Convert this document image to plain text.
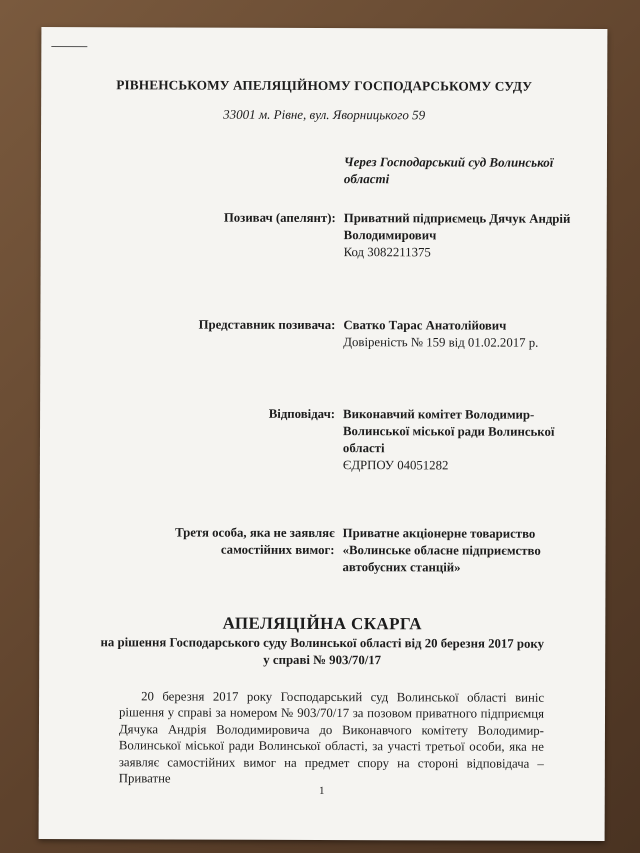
РІВНЕНСЬКОМУ АПЕЛЯЦІЙНОМУ ГОСПОДАРСЬКОМУ СУДУ
33001 м. Рівне, вул. Яворницького 59
Через Господарський суд Волинської області
Позивач (апелянт): Приватний підприємець Дячук Андрій Володимирович
Код 3082211375
Представник позивача: Сватко Тарас Анатолійович
Довіреність № 159 від 01.02.2017 р.
Відповідач: Виконавчий комітет Володимир-Волинської міської ради Волинської області
ЄДРПОУ 04051282
Третя особа, яка не заявляє самостійних вимог:
Приватне акціонерне товариство «Волинське обласне підприємство автобусних станцій»
АПЕЛЯЦІЙНА СКАРГА
на рішення Господарського суду Волинської області від 20 березня 2017 року у справі № 903/70/17
20 березня 2017 року Господарський суд Волинської області виніс рішення у справі за номером № 903/70/17 за позовом приватного підприємця Дячука Андрія Володимировича до Виконавчого комітету Володимир-Волинської міської ради Волинської області, за участі третьої особи, яка не заявляє самостійних вимог на предмет спору на стороні відповідача – Приватне
1
